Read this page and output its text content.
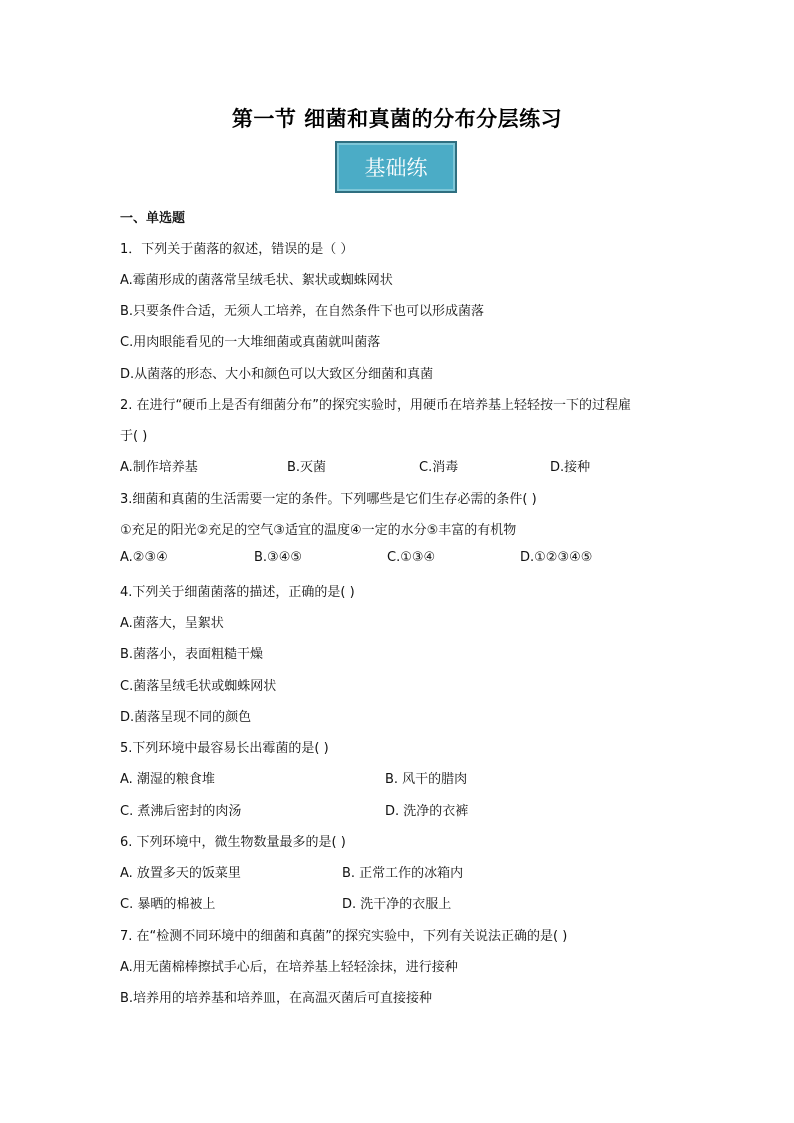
第一节 细菌和真菌的分布分层练习
基础练
一、单选题
1．下列关于菌落的叙述，错误的是（ ）
A.霉菌形成的菌落常呈绒毛状、絮状或蜘蛛网状
B.只要条件合适，无须人工培养，在自然条件下也可以形成菌落
C.用肉眼能看见的一大堆细菌或真菌就叫菌落
D.从菌落的形态、大小和颜色可以大致区分细菌和真菌
2. 在进行“硬币上是否有细菌分布”的探究实验时，用硬币在培养基上轻轻按一下的过程雇
于( )
A.制作培养基	B.灭菌	C.消毒	D.接种
3.细菌和真菌的生活需要一定的条件。下列哪些是它们生存必需的条件( )
①充足的阳光②充足的空气③适宜的温度④一定的水分⑤丰富的有机物
A.②③④	B.③④⑤	C.①③④	D.①②③④⑤
4.下列关于细菌菌落的描述，正确的是( )
A.菌落大，呈絮状
B.菌落小，表面粗糙干燥
C.菌落呈绒毛状或蜘蛛网状
D.菌落呈现不同的颜色
5.下列环境中最容易长出霉菌的是( )
A. 潮湿的粮食堆	B. 风干的腊肉
C. 煮沸后密封的肉汤	D. 洗净的衣裤
6. 下列环境中，微生物数量最多的是( )
A. 放置多天的饭菜里	B. 正常工作的冰箱内
C. 暴晒的棉被上	D. 洗干净的衣服上
7. 在“检测不同环境中的细菌和真菌”的探究实验中，下列有关说法正确的是( )
A.用无菌棉棒擦拭手心后，在培养基上轻轻涂抹，进行接种
B.培养用的培养基和培养皿，在高温灭菌后可直接接种
